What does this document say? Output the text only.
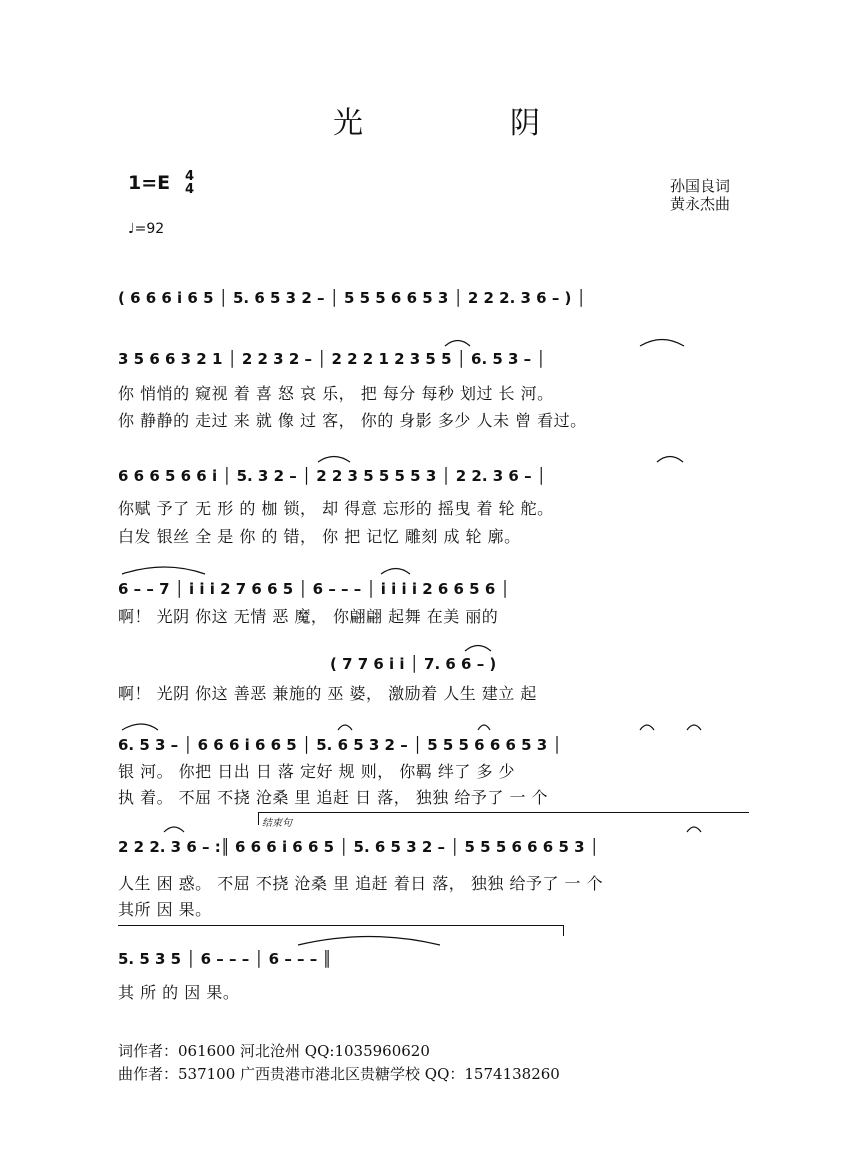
光	阴
1=E 4
4
♩=92
孙国良词
黄永杰曲
( 6 6 6 i 6 5 │ 5. 6 5 3 2 – │ 5 5 5 6 6 5 3 │ 2 2 2. 3 6 – ) │
3 5 6 6 3 2 1 │ 2 2 3 2 – │ 2 2 2 1 2 3 5 5 │ 6. 5 3 – │
你 悄悄的 窥视 着 喜 怒 哀 乐， 把 每分 每秒 划过 长 河。
你 静静的 走过 来 就 像 过 客， 你的 身影 多少 人未 曾 看过。
6 6 6 5 6 6 i │ 5. 3 2 – │ 2 2 3 5 5 5 5 3 │ 2 2. 3 6 – │
你赋 予了 无 形 的 枷 锁， 却 得意 忘形的 摇曳 着 轮 舵。
白发 银丝 全 是 你 的 错， 你 把 记忆 雕刻 成 轮 廓。
6 – – 7 │ i i i 2 7 6 6 5 │ 6 – – – │ i i i i 2 6 6 5 6 │
啊！ 光阴 你这 无情 恶 魔， 你翩翩 起舞 在美 丽的
( 7 7 6 i i │ 7. 6 6 – )
啊！ 光阴 你这 善恶 兼施的 巫 婆， 激励着 人生 建立 起
6. 5 3 – │ 6 6 6 i 6 6 5 │ 5. 6 5 3 2 – │ 5 5 5 6 6 6 5 3 │
银 河。 你把 日出 日 落 定好 规 则， 你羁 绊了 多 少
执 着。 不屈 不挠 沧桑 里 追赶 日 落， 独独 给予了 一 个
结束句
2 2 2. 3 6 – :║ 6 6 6 i 6 6 5 │ 5. 6 5 3 2 – │ 5 5 5 6 6 6 5 3 │
人生 困 惑。 不屈 不挠 沧桑 里 追赶 着日 落， 独独 给予了 一 个
其所 因 果。
5. 5 3 5 │ 6 – – – │ 6 – – – ║
其 所 的 因 果。
词作者：061600 河北沧州 QQ:1035960620
曲作者：537100 广西贵港市港北区贵糖学校 QQ：1574138260
